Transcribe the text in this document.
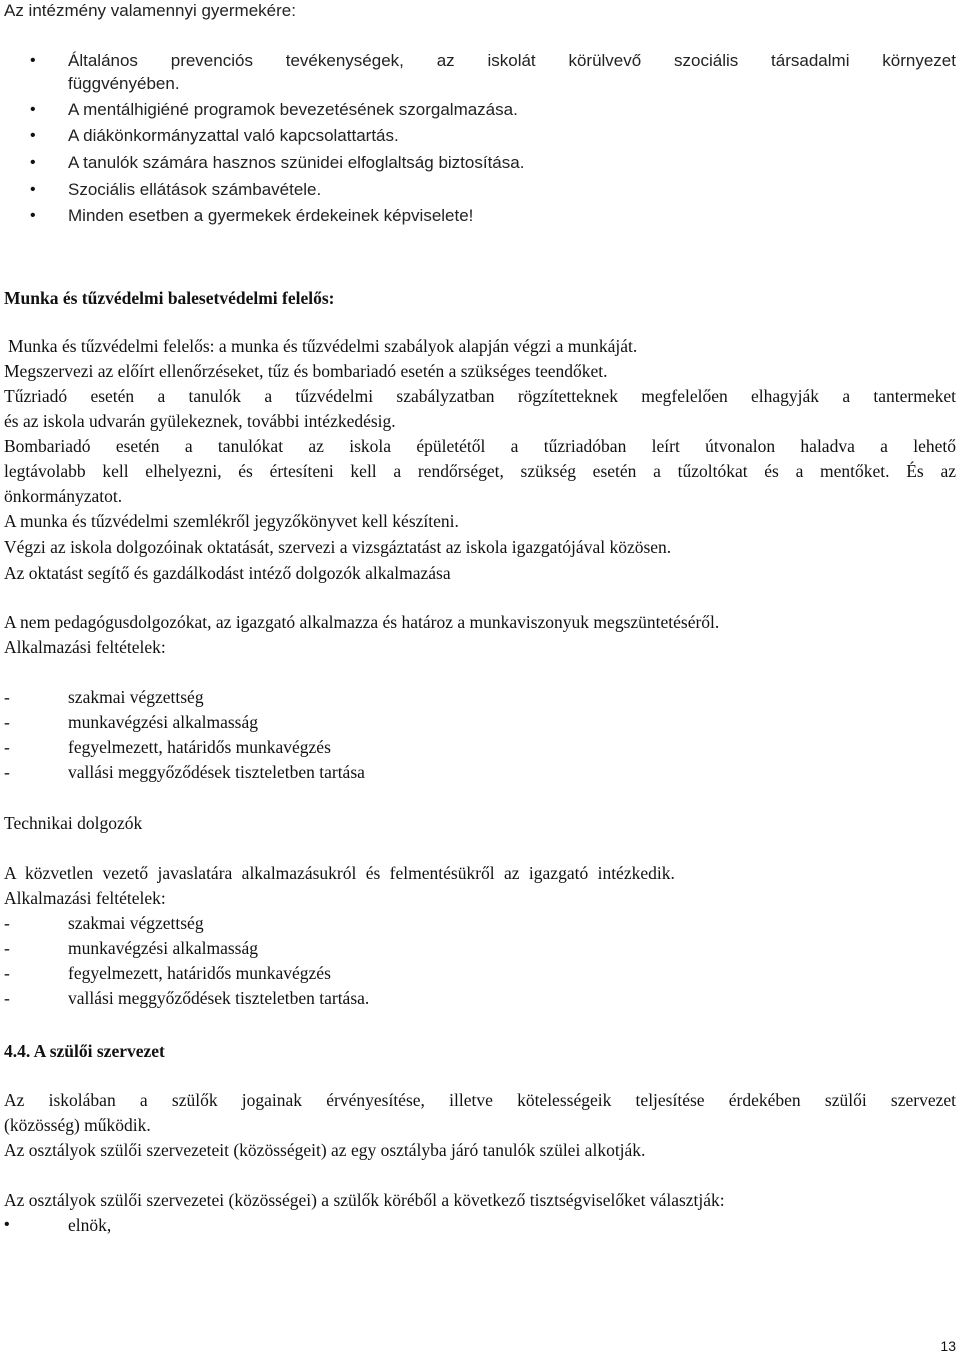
Az intézmény valamennyi gyermekére:
• Általános prevenciós tevékenységek, az iskolát körülvevő szociális társadalmi környezet
függvényében.
• A mentálhigiéné programok bevezetésének szorgalmazása.
• A diákönkormányzattal való kapcsolattartás.
• A tanulók számára hasznos szünidei elfoglaltság biztosítása.
• Szociális ellátások számbavétele.
• Minden esetben a gyermekek érdekeinek képviselete!
Munka és tűzvédelmi balesetvédelmi felelős:
Munka és tűzvédelmi felelős: a munka és tűzvédelmi szabályok alapján végzi a munkáját.
Megszervezi az előírt ellenőrzéseket, tűz és bombariadó esetén a szükséges teendőket.
Tűzriadó esetén a tanulók a tűzvédelmi szabályzatban rögzítetteknek megfelelően elhagyják a tantermeket
és az iskola udvarán gyülekeznek, további intézkedésig.
Bombariadó esetén a tanulókat az iskola épületétől a tűzriadóban leírt útvonalon haladva a lehető
legtávolabb kell elhelyezni, és értesíteni kell a rendőrséget, szükség esetén a tűzoltókat és a mentőket. És az
önkormányzatot.
A munka és tűzvédelmi szemlékről jegyzőkönyvet kell készíteni.
Végzi az iskola dolgozóinak oktatását, szervezi a vizsgáztatást az iskola igazgatójával közösen.
Az oktatást segítő és gazdálkodást intéző dolgozók alkalmazása
A nem pedagógusdolgozókat, az igazgató alkalmazza és határoz a munkaviszonyuk megszüntetéséről.
Alkalmazási feltételek:
-	szakmai végzettség
-	munkavégzési alkalmasság
-	fegyelmezett, határidős munkavégzés
-	vallási meggyőződések tiszteletben tartása
Technikai dolgozók
A közvetlen vezető javaslatára alkalmazásukról és felmentésükről az igazgató intézkedik.
Alkalmazási feltételek:
-	szakmai végzettség
-	munkavégzési alkalmasság
-	fegyelmezett, határidős munkavégzés
-	vallási meggyőződések tiszteletben tartása.
4.4. A szülői szervezet
Az iskolában a szülők jogainak érvényesítése, illetve kötelességeik teljesítése érdekében szülői szervezet
(közösség) működik.
Az osztályok szülői szervezeteit (közösségeit) az egy osztályba járó tanulók szülei alkotják.
Az osztályok szülői szervezetei (közösségei) a szülők köréből a következő tisztségviselőket választják:
•	elnök,
13
